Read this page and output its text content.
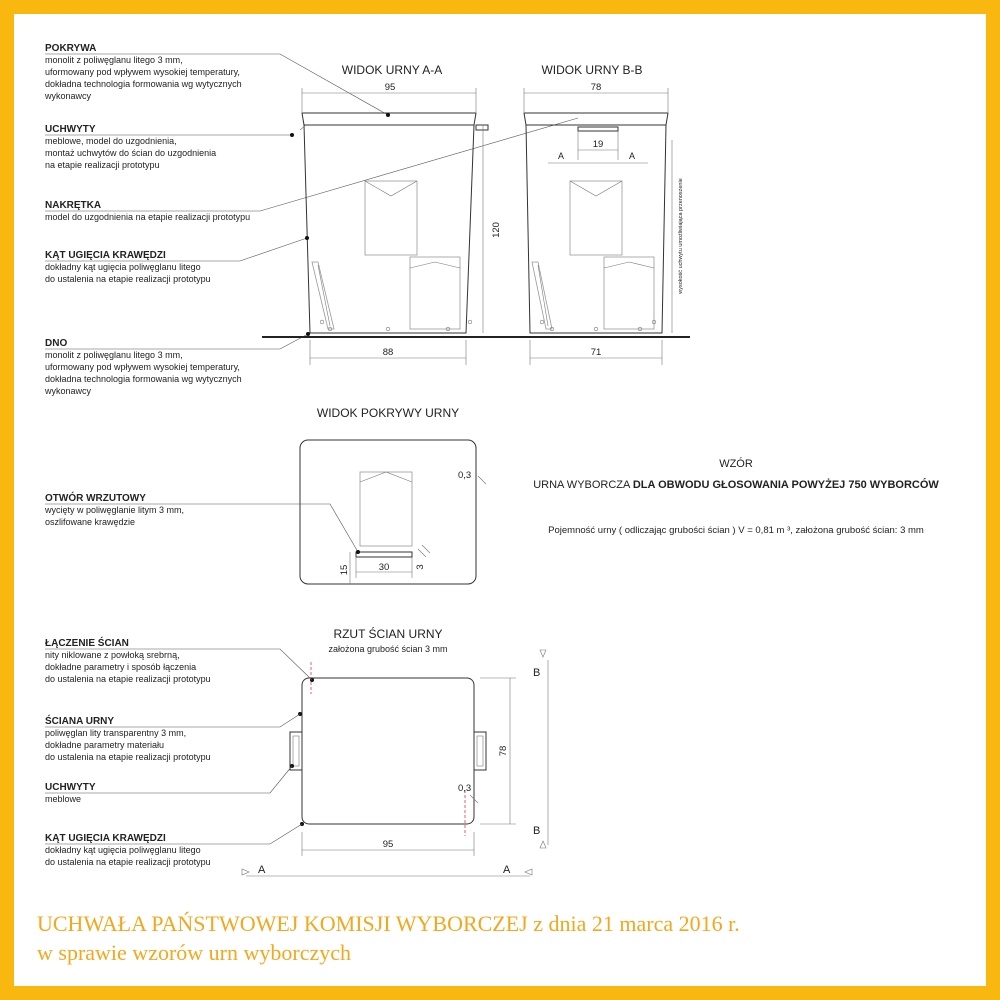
POKRYWA
monolit z poliwęglanu litego 3 mm,
uformowany pod wpływem wysokiej temperatury,
dokładna technologia formowania wg wytycznych
wykonawcy
UCHWYTY
meblowe, model do uzgodnienia,
montaż uchwytów do ścian do uzgodnienia
na etapie realizacji prototypu
NAKRĘTKA
model do uzgodnienia na etapie realizacji prototypu
KĄT UGIĘCIA KRAWĘDZI
dokładny kąt ugięcia poliwęglanu litego
do ustalenia na etapie realizacji prototypu
DNO
monolit z poliwęglanu litego 3 mm,
uformowany pod wpływem wysokiej temperatury,
dokładna technologia formowania wg wytycznych
wykonawcy
WIDOK URNY A-A
95
120
88
WIDOK URNY B-B
78
19
A	A
wysokość uchwytu umożliwiająca przenoszenie
71
WIDOK POKRYWY URNY
30
15	3
0,3
OTWÓR WRZUTOWY
wycięty w poliwęglanie litym 3 mm,
oszlifowane krawędzie
WZÓR
URNA WYBORCZA DLA OBWODU GŁOSOWANIA POWYŻEJ 750 WYBORCÓW
Pojemność urny ( odliczając grubości ścian ) V = 0,81 m ³, założona grubość ścian: 3 mm
RZUT ŚCIAN URNY
założona grubość ścian 3 mm
95
78
0,3
B
B
A	A
ŁĄCZENIE ŚCIAN
nity niklowane z powłoką srebrną,
dokładne parametry i sposób łączenia
do ustalenia na etapie realizacji prototypu
ŚCIANA URNY
poliwęglan lity transparentny 3 mm,
dokładne parametry materiału
do ustalenia na etapie realizacji prototypu
UCHWYTY
meblowe
KĄT UGIĘCIA KRAWĘDZI
dokładny kąt ugięcia poliwęglanu litego
do ustalenia na etapie realizacji prototypu
UCHWAŁA PAŃSTWOWEJ KOMISJI WYBORCZEJ z dnia 21 marca 2016 r.
w sprawie wzorów urn wyborczych
